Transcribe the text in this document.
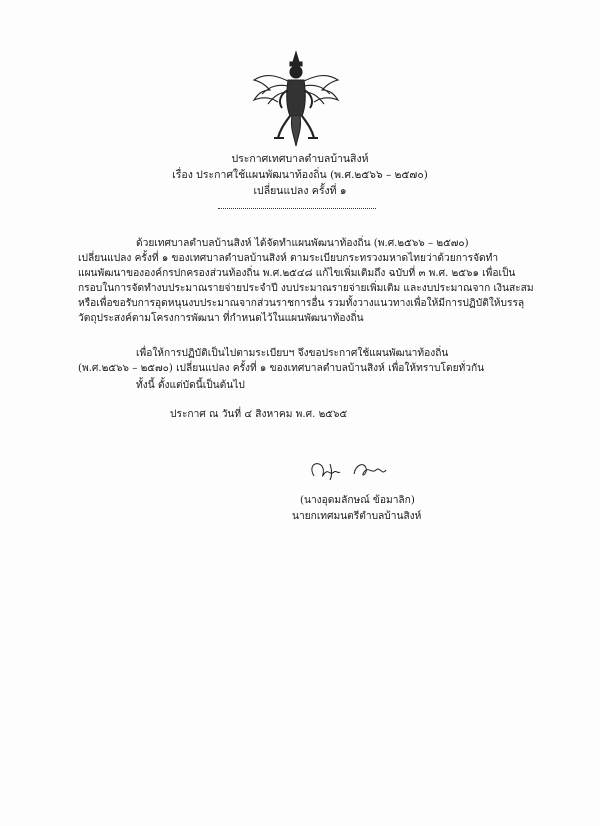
ประกาศเทศบาลตำบลบ้านสิงห์
เรื่อง ประกาศใช้แผนพัฒนาท้องถิ่น (พ.ศ.๒๕๖๖ – ๒๕๗๐)
เปลี่ยนแปลง ครั้งที่ ๑
ด้วยเทศบาลตำบลบ้านสิงห์ ได้จัดทำแผนพัฒนาท้องถิ่น (พ.ศ.๒๕๖๖ – ๒๕๗๐)
เปลี่ยนแปลง ครั้งที่ ๑ ของเทศบาลตำบลบ้านสิงห์ ตามระเบียบกระทรวงมหาดไทยว่าด้วยการจัดทำ
แผนพัฒนาขององค์กรปกครองส่วนท้องถิ่น พ.ศ.๒๕๔๘ แก้ไขเพิ่มเติมถึง ฉบับที่ ๓ พ.ศ. ๒๕๖๑ เพื่อเป็น
กรอบในการจัดทำงบประมาณรายจ่ายประจำปี งบประมาณรายจ่ายเพิ่มเติม และงบประมาณจาก เงินสะสม
หรือเพื่อขอรับการอุดหนุนงบประมาณจากส่วนราชการอื่น รวมทั้งวางแนวทางเพื่อให้มีการปฏิบัติให้บรรลุ
วัตถุประสงค์ตามโครงการพัฒนา ที่กำหนดไว้ในแผนพัฒนาท้องถิ่น
เพื่อให้การปฏิบัติเป็นไปตามระเบียบฯ จึงขอประกาศใช้แผนพัฒนาท้องถิ่น
(พ.ศ.๒๕๖๖ – ๒๕๗๐) เปลี่ยนแปลง ครั้งที่ ๑ ของเทศบาลตำบลบ้านสิงห์ เพื่อให้ทราบโดยทั่วกัน
ทั้งนี้ ตั้งแต่บัดนี้เป็นต้นไป
ประกาศ ณ วันที่ ๔ สิงหาคม พ.ศ. ๒๕๖๕
(นางอุดมลักษณ์ ข้อมาลิก)
นายกเทศมนตรีตำบลบ้านสิงห์
